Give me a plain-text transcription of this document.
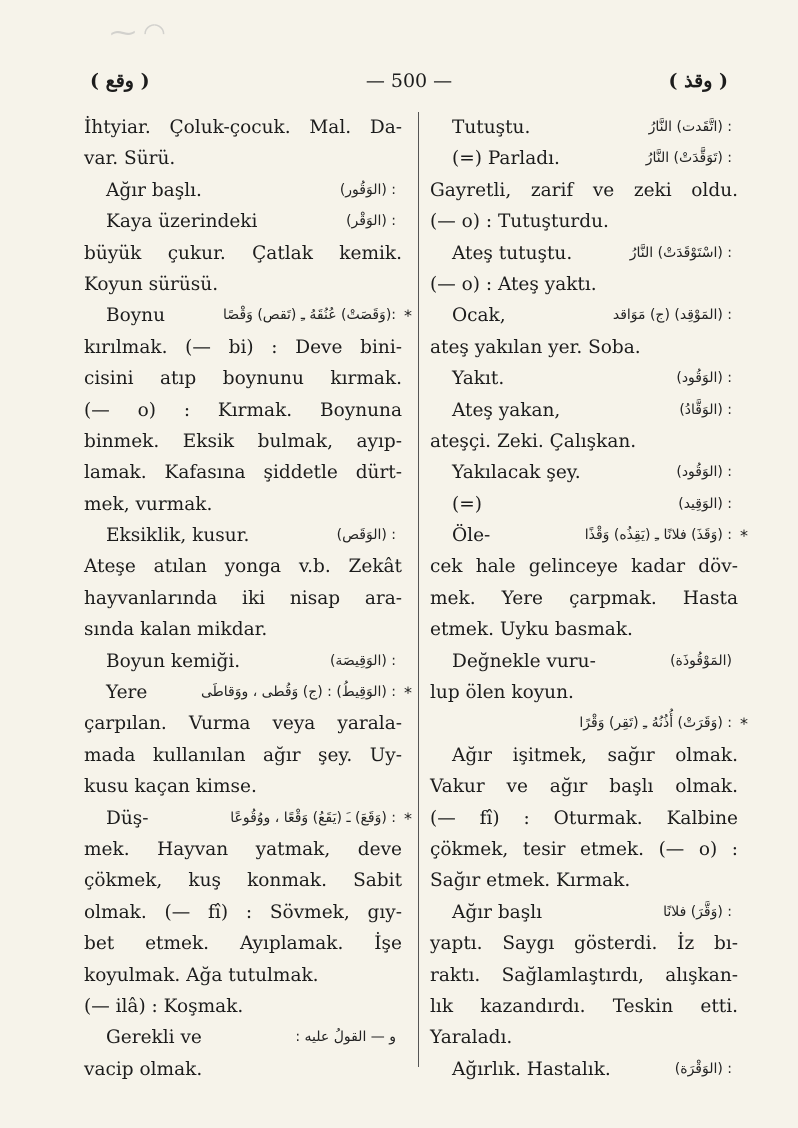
⁓ ◜◝
( وقع )	— 500 —	( وقذ )
İhtyiar. Çoluk-çocuk. Mal. Da-
var. Sürü.
Ağır başlı.	: (الوَقُور)
Kaya üzerindeki	: (الوَقْر)
büyük çukur. Çatlak kemik.
Koyun sürüsü.
Boynu	:(وَقَصَتْ) عُنُقَهُ ـِ (تَقص) وَقْصًا *
kırılmak. (— bi) : Deve bini-
cisini atıp boynunu kırmak.
(— o) : Kırmak. Boynuna
binmek. Eksik bulmak, ayıp-
lamak. Kafasına şiddetle dürt-
mek, vurmak.
Eksiklik, kusur.	: (الوَقَص)
Ateşe atılan yonga v.b. Zekât
hayvanlarında iki nisap ara-
sında kalan mikdar.
Boyun kemiği.	: (الوَقِيصَة)
Yere	: (الوَقِيطُ) : (ج) وَقُطى ، ووَقاطَى *
çarpılan. Vurma veya yarala-
mada kullanılan ağır şey. Uy-
kusu kaçan kimse.
Düş-	: (وَقَعَ) ـَ (يَقَعُ) وَقْعًا ، ووُقُوعًا *
mek. Hayvan yatmak, deve
çökmek, kuş konmak. Sabit
olmak. (— fî) : Sövmek, gıy-
bet etmek. Ayıplamak. İşe
koyulmak. Ağa tutulmak.
(— ilâ) : Koşmak.
Gerekli ve	و — القولُ عليه :
vacip olmak.
Tutuştu.	: (اتَّقَدت) النَّارُ
(=) Parladı.	: (تَوَقَّدَتْ) النَّارُ
Gayretli, zarif ve zeki oldu.
(— o) : Tutuşturdu.
Ateş tutuştu.	: (اسْتَوْقَدَتْ) النَّارُ
(— o) : Ateş yaktı.
Ocak,	: (المَوْقِد) (ج) مَوَاقد
ateş yakılan yer. Soba.
Yakıt.	: (الوَقُود)
Ateş yakan,	: (الوَقَّادُ)
ateşçi. Zeki. Çalışkan.
Yakılacak şey.	: (الوَقُود)
(=)	: (الوَقِيد)
Öle-	: (وَقَذَ) فلانًا ـِ (يَقِذُه) وَقْذًا *
cek hale gelinceye kadar döv-
mek. Yere çarpmak. Hasta
etmek. Uyku basmak.
Değnekle vuru-	(المَوْقُوذَة)
lup ölen koyun.
: (وَقَرَتْ) أُذُنُهُ ـِ (تَقِر) وَقْرًا *
Ağır işitmek, sağır olmak.
Vakur ve ağır başlı olmak.
(— fî) : Oturmak. Kalbine
çökmek, tesir etmek. (— o) :
Sağır etmek. Kırmak.
Ağır başlı	: (وَقَّرَ) فلانًا
yaptı. Saygı gösterdi. İz bı-
raktı. Sağlamlaştırdı, alışkan-
lık kazandırdı. Teskin etti.
Yaraladı.
Ağırlık. Hastalık.	: (الوَقْرَة)
